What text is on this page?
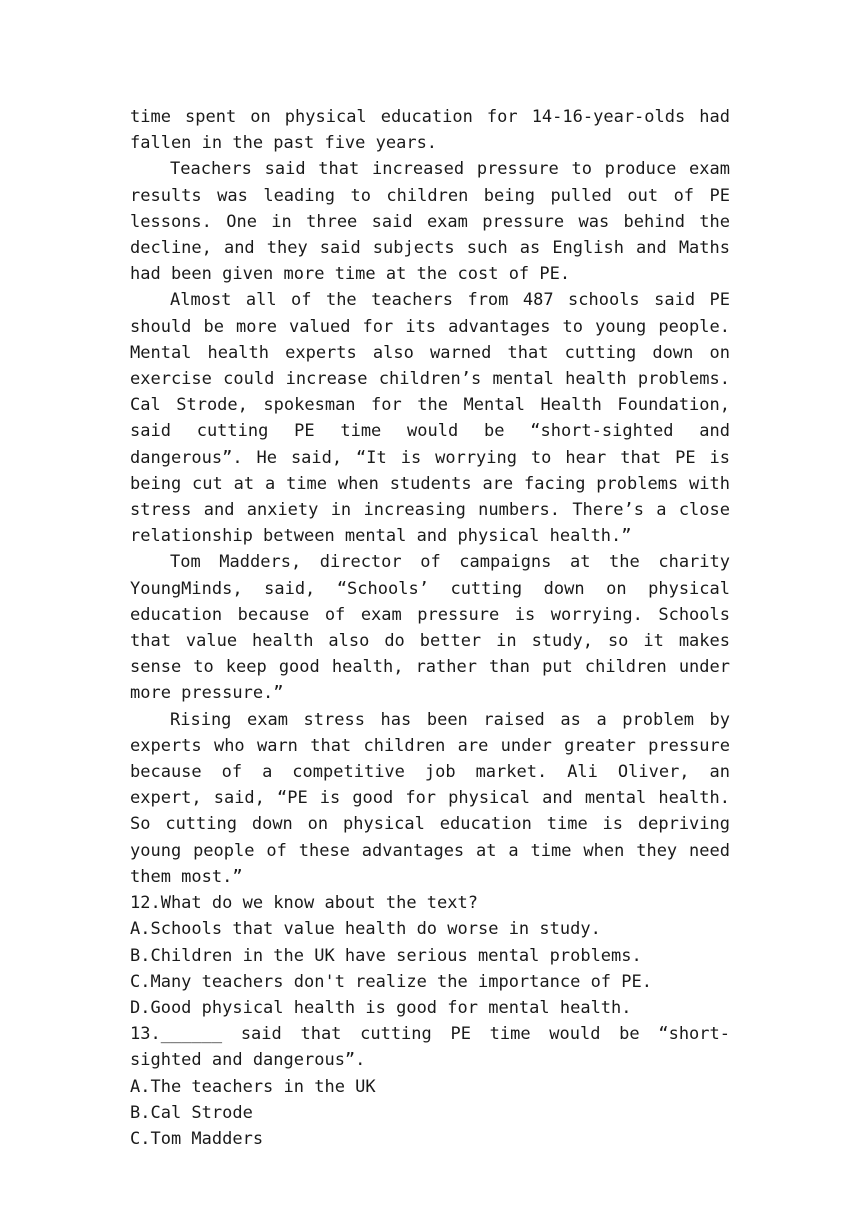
time spent on physical education for 14-16-year-olds had fallen in the past five years.

Teachers said that increased pressure to produce exam results was leading to children being pulled out of PE lessons. One in three said exam pressure was behind the decline, and they said subjects such as English and Maths had been given more time at the cost of PE.

Almost all of the teachers from 487 schools said PE should be more valued for its advantages to young people. Mental health experts also warned that cutting down on exercise could increase children’s mental health problems. Cal Strode, spokesman for the Mental Health Foundation, said cutting PE time would be “short-sighted and dangerous”. He said, “It is worrying to hear that PE is being cut at a time when students are facing problems with stress and anxiety in increasing numbers. There’s a close relationship between mental and physical health.”

Tom Madders, director of campaigns at the charity YoungMinds, said, “Schools’ cutting down on physical education because of exam pressure is worrying. Schools that value health also do better in study, so it makes sense to keep good health, rather than put children under more pressure.”

Rising exam stress has been raised as a problem by experts who warn that children are under greater pressure because of a competitive job market. Ali Oliver, an expert, said, “PE is good for physical and mental health. So cutting down on physical education time is depriving young people of these advantages at a time when they need them most.”

12.What do we know about the text?

A.Schools that value health do worse in study.

B.Children in the UK have serious mental problems.

C.Many teachers don't realize the importance of PE.

D.Good physical health is good for mental health.

13.______ said that cutting PE time would be “short-sighted and dangerous”.

A.The teachers in the UK

B.Cal Strode

C.Tom Madders
